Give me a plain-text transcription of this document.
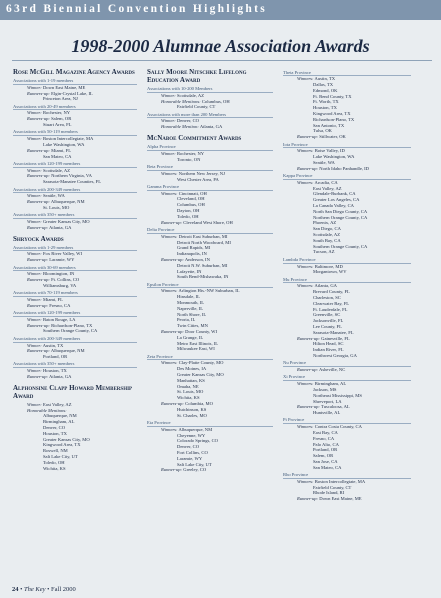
63rd Biennial Convention Highlights
1998-2000 Alumnae Association Awards
Rose McGill Magazine Agency Awards
Associations with 1-19 members
Winner: Down East Maine, ME
Runners-up: Elgin-Crystal Lake, IL
Princeton Area, NJ
Associations with 20-49 members
Winner: Rochester, NY
Runners-up: Salem, OR
Stuart Area, FL
Associations with 50-119 members
Winner: Boston Intercollegiate, MA
Lake Washington, WA
Runners-up: Miami, FL
San Mateo, CA
Associations with 120-199 members
Winner: Scottsdale, AZ
Runners-up: Northern Virginia, VA
Sarasota-Manatee Counties, FL
Associations with 200-349 members
Winner: Seattle, WA
Runners-up: Albuquerque, NM
St. Louis, MO
Associations with 350+ members
Winner: Greater Kansas City, MO
Runner-up: Atlanta, GA
Shryock Awards
Associations with 1-29 members
Winner: Fox River Valley, WI
Runner-up: Laramie, WY
Associations with 30-69 members
Winner: Bloomington, IN
Runners-up: Ft. Collins, CO
Williamsburg, VA
Associations with 70-119 members
Winner: Miami, FL
Runner-up: Fresno, CA
Associations with 120-199 members
Winner: Baton Rouge, LA
Runners-up: Richardson-Plano, TX
Southern Orange County, CA
Associations with 200-349 members
Winner: Austin, TX
Runners-up: Albuquerque, NM
Portland, OR
Associations with 350+ members
Winner: Houston, TX
Runner-up: Atlanta, GA
Alphonsine Clapp Howard Membership Award
Winner: East Valley, AZ
Honorable Mentions:
Albuquerque, NM
Birmingham, AL
Denver, CO
Houston, TX
Greater Kansas City, MO
Kingwood Area, TX
Roswell, NM
Salt Lake City, UT
Toledo, OH
Wichita, KS
Sally Moore Nitschke Lifelong Education Award
Associations with 10-200 Members
Winner: Scottsdale, AZ
Honorable Mentions: Columbus, OH
Fairfield County, CT
Associations with more than 200 Members
Winner: Denver, CO
Honorable Mention: Atlanta, GA
McNaboe Commitment Awards
Alpha Province
Winner: Rochester, NY
Toronto, ON
Beta Province
Winners: Northern New Jersey, NJ
West Chester Area, PA
Gamma Province
Winners: Cincinnati, OH
Cleveland, OH
Columbus, OH
Dayton, OH
Toledo, OH
Runner-up: Cleveland West Shore, OH
Delta Province
Winners: Detroit East Suburban, MI
Detroit North Woodward, MI
Grand Rapids, MI
Indianapolis, IN
Runners-up: Anderson, IN
Detroit N.W. Suburban, MI
Lafayette, IN
South Bend-Mishawaka, IN
Epsilon Province
Winners: Arlington Hts.-NW Suburban, IL
Hinsdale, IL
Monmouth, IL
Naperville, IL
North Shore, IL
Peoria, IL
Twin Cities, MN
Runners-up: Door County, WI
La Grange, IL
Metro East Illinois, IL
Milwaukee East, WI
Zeta Province
Winners: Clay-Platte County, MO
Des Moines, IA
Greater Kansas City, MO
Manhattan, KS
Omaha, NE
St. Louis, MO
Wichita, KS
Runners-up: Columbia, MO
Hutchinson, KS
St. Charles, MO
Eta Province
Winners: Albuquerque, NM
Cheyenne, WY
Colorado Springs, CO
Denver, CO
Fort Collins, CO
Laramie, WY
Salt Lake City, UT
Runner-up: Greeley, CO
Theta Province
Winners: Austin, TX
Dallas, TX
Edmond, OK
Ft. Bend County, TX
Ft. Worth, TX
Houston, TX
Kingwood Area, TX
Richardson-Plano, TX
San Antonio, TX
Tulsa, OK
Runner-up: Stillwater, OK
Iota Province
Winners: Boise Valley, ID
Lake Washington, WA
Seattle, WA
Runner-up: North Idaho Panhandle, ID
Kappa Province
Winners: Arcadia, CA
East Valley, AZ
Glendale-Burbank, CA
Greater Los Angeles, CA
La Canada Valley, CA
North San Diego County, CA
Northern Orange County, CA
Phoenix, AZ
San Diego, CA
Scottsdale, AZ
South Bay, CA
Southern Orange County, CA
Tucson, AZ
Lambda Province
Winners: Baltimore, MD
Morgantown, WV
Mu Province
Winners: Atlanta, GA
Brevard County, FL
Charleston, SC
Clearwater Bay, FL
Ft. Lauderdale, FL
Greenville, SC
Jacksonville, FL
Lee County, FL
Sarasota-Manatee, FL
Runners-up: Gainesville, FL
Hilton Head, SC
Indian River, FL
Northwest Georgia, GA
Nu Province
Runner-up: Asheville, NC
Xi Province
Winners: Birmingham, AL
Jackson, MS
Northeast Mississippi, MS
Shreveport, LA
Runners-up: Tuscaloosa, AL
Huntsville, AL
Pi Province
Winners: Contra Costa County, CA
East Bay, CA
Fresno, CA
Palo Alto, CA
Portland, OR
Salem, OR
San Jose, CA
San Mateo, CA
Rho Province
Winners: Boston Intercollegiate, MA
Fairfield County, CT
Rhode Island, RI
Runner-up: Down East Maine, ME
24 • The Key • Fall 2000
